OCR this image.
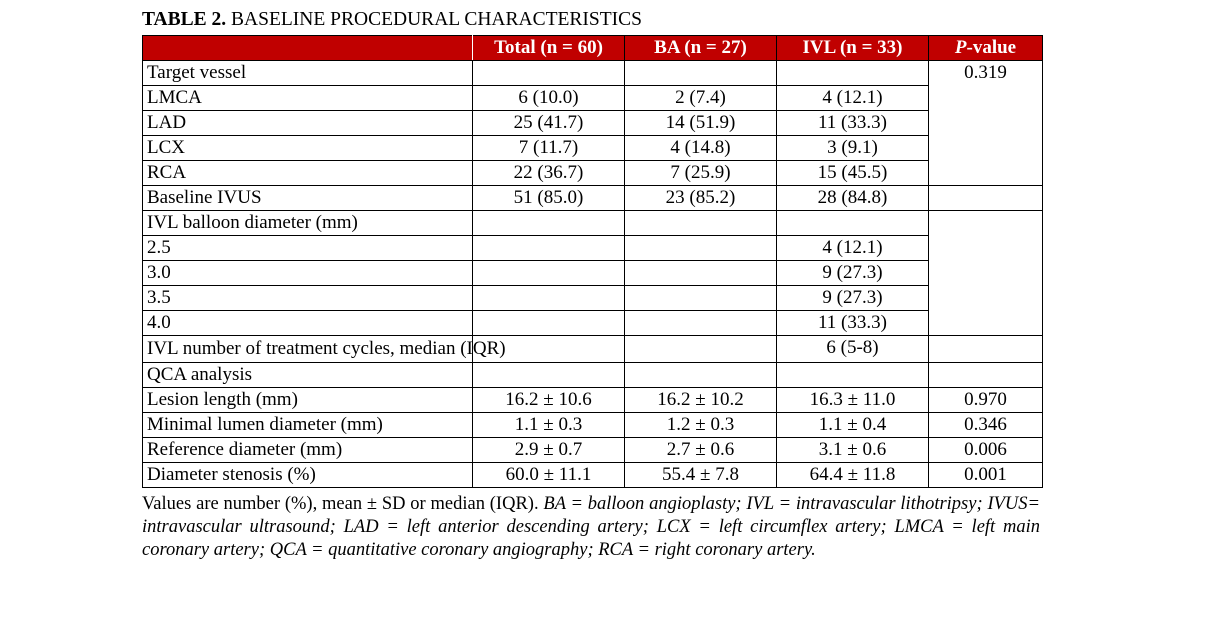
TABLE 2. BASELINE PROCEDURAL CHARACTERISTICS
	Total (n = 60)	BA (n = 27)	IVL (n = 33)	P-value
Target vessel				0.319
LMCA	6 (10.0)	2 (7.4)	4 (12.1)	
LAD	25 (41.7)	14 (51.9)	11 (33.3)	
LCX	7 (11.7)	4 (14.8)	3 (9.1)	
RCA	22 (36.7)	7 (25.9)	15 (45.5)	
Baseline IVUS	51 (85.0)	23 (85.2)	28 (84.8)	
IVL balloon diameter (mm)				
2.5			4 (12.1)	
3.0			9 (27.3)	
3.5			9 (27.3)	
4.0			11 (33.3)	
IVL number of treatment cycles, median (IQR)			6 (5-8)	
QCA analysis				
Lesion length (mm)	16.2 ± 10.6	16.2 ± 10.2	16.3 ± 11.0	0.970
Minimal lumen diameter (mm)	1.1 ± 0.3	1.2 ± 0.3	1.1 ± 0.4	0.346
Reference diameter (mm)	2.9 ± 0.7	2.7 ± 0.6	3.1 ± 0.6	0.006
Diameter stenosis (%)	60.0 ± 11.1	55.4 ± 7.8	64.4 ± 11.8	0.001
Values are number (%), mean ± SD or median (IQR). BA = balloon angioplasty; IVL = intravascular lithotripsy; IVUS= intravascular ultrasound; LAD = left anterior descending artery; LCX = left circumflex artery; LMCA = left main coronary artery; QCA = quantitative coronary angiography; RCA = right coronary artery.
